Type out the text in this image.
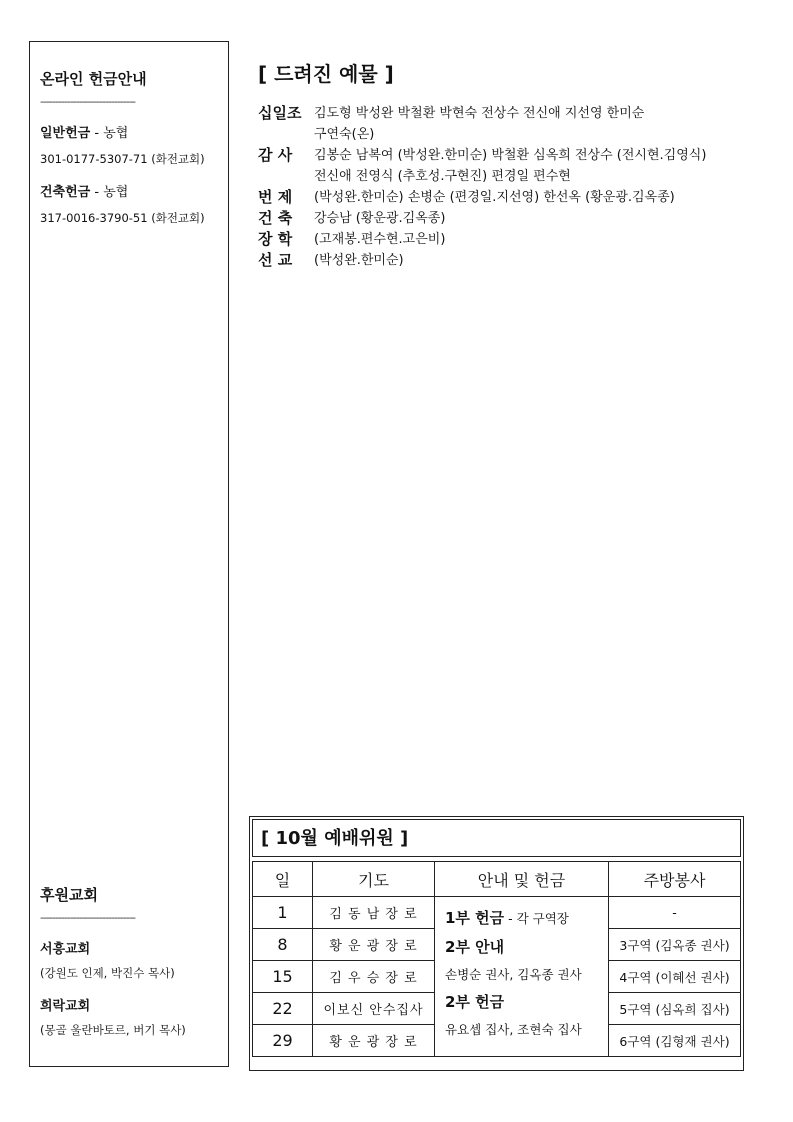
온라인 헌금안내
--------------------------------
일반헌금 - 농협
301-0177-5307-71 (화전교회)
건축헌금 - 농협
317-0016-3790-51 (화전교회)
후원교회
--------------------------------
서흥교회
(강원도 인제, 박진수 목사)
희락교회
(몽골 울란바토르, 버기 목사)
[ 드려진 예물 ]
십일조 김도형 박성완 박철환 박현숙 전상수 전신애 지선영 한미순
구연숙(온)
감 사	김봉순 남복여 (박성완.한미순) 박철환 심옥희 전상수 (전시현.김영식)
전신애 전영식 (추호성.구현진) 편경일 편수현
번 제	(박성완.한미순) 손병순 (편경일.지선영) 한선옥 (황운광.김옥종)
건 축	강승남 (황운광.김옥종)
장 학	(고재봉.편수현.고은비)
선 교	(박성완.한미순)
[ 10월 예배위원 ]
일	기도	안내 및 헌금	주방봉사
1	김 동 남 장 로	1부 헌금 - 각 구역장
2부 안내
손병순 권사, 김옥종 권사
2부 헌금
유요셉 집사, 조현숙 집사	-
8	황 운 광 장 로		3구역 (김옥종 권사)
15	김 우 승 장 로		4구역 (이혜선 권사)
22	이보신 안수집사		5구역 (심옥희 집사)
29	황 운 광 장 로		6구역 (김형재 권사)
